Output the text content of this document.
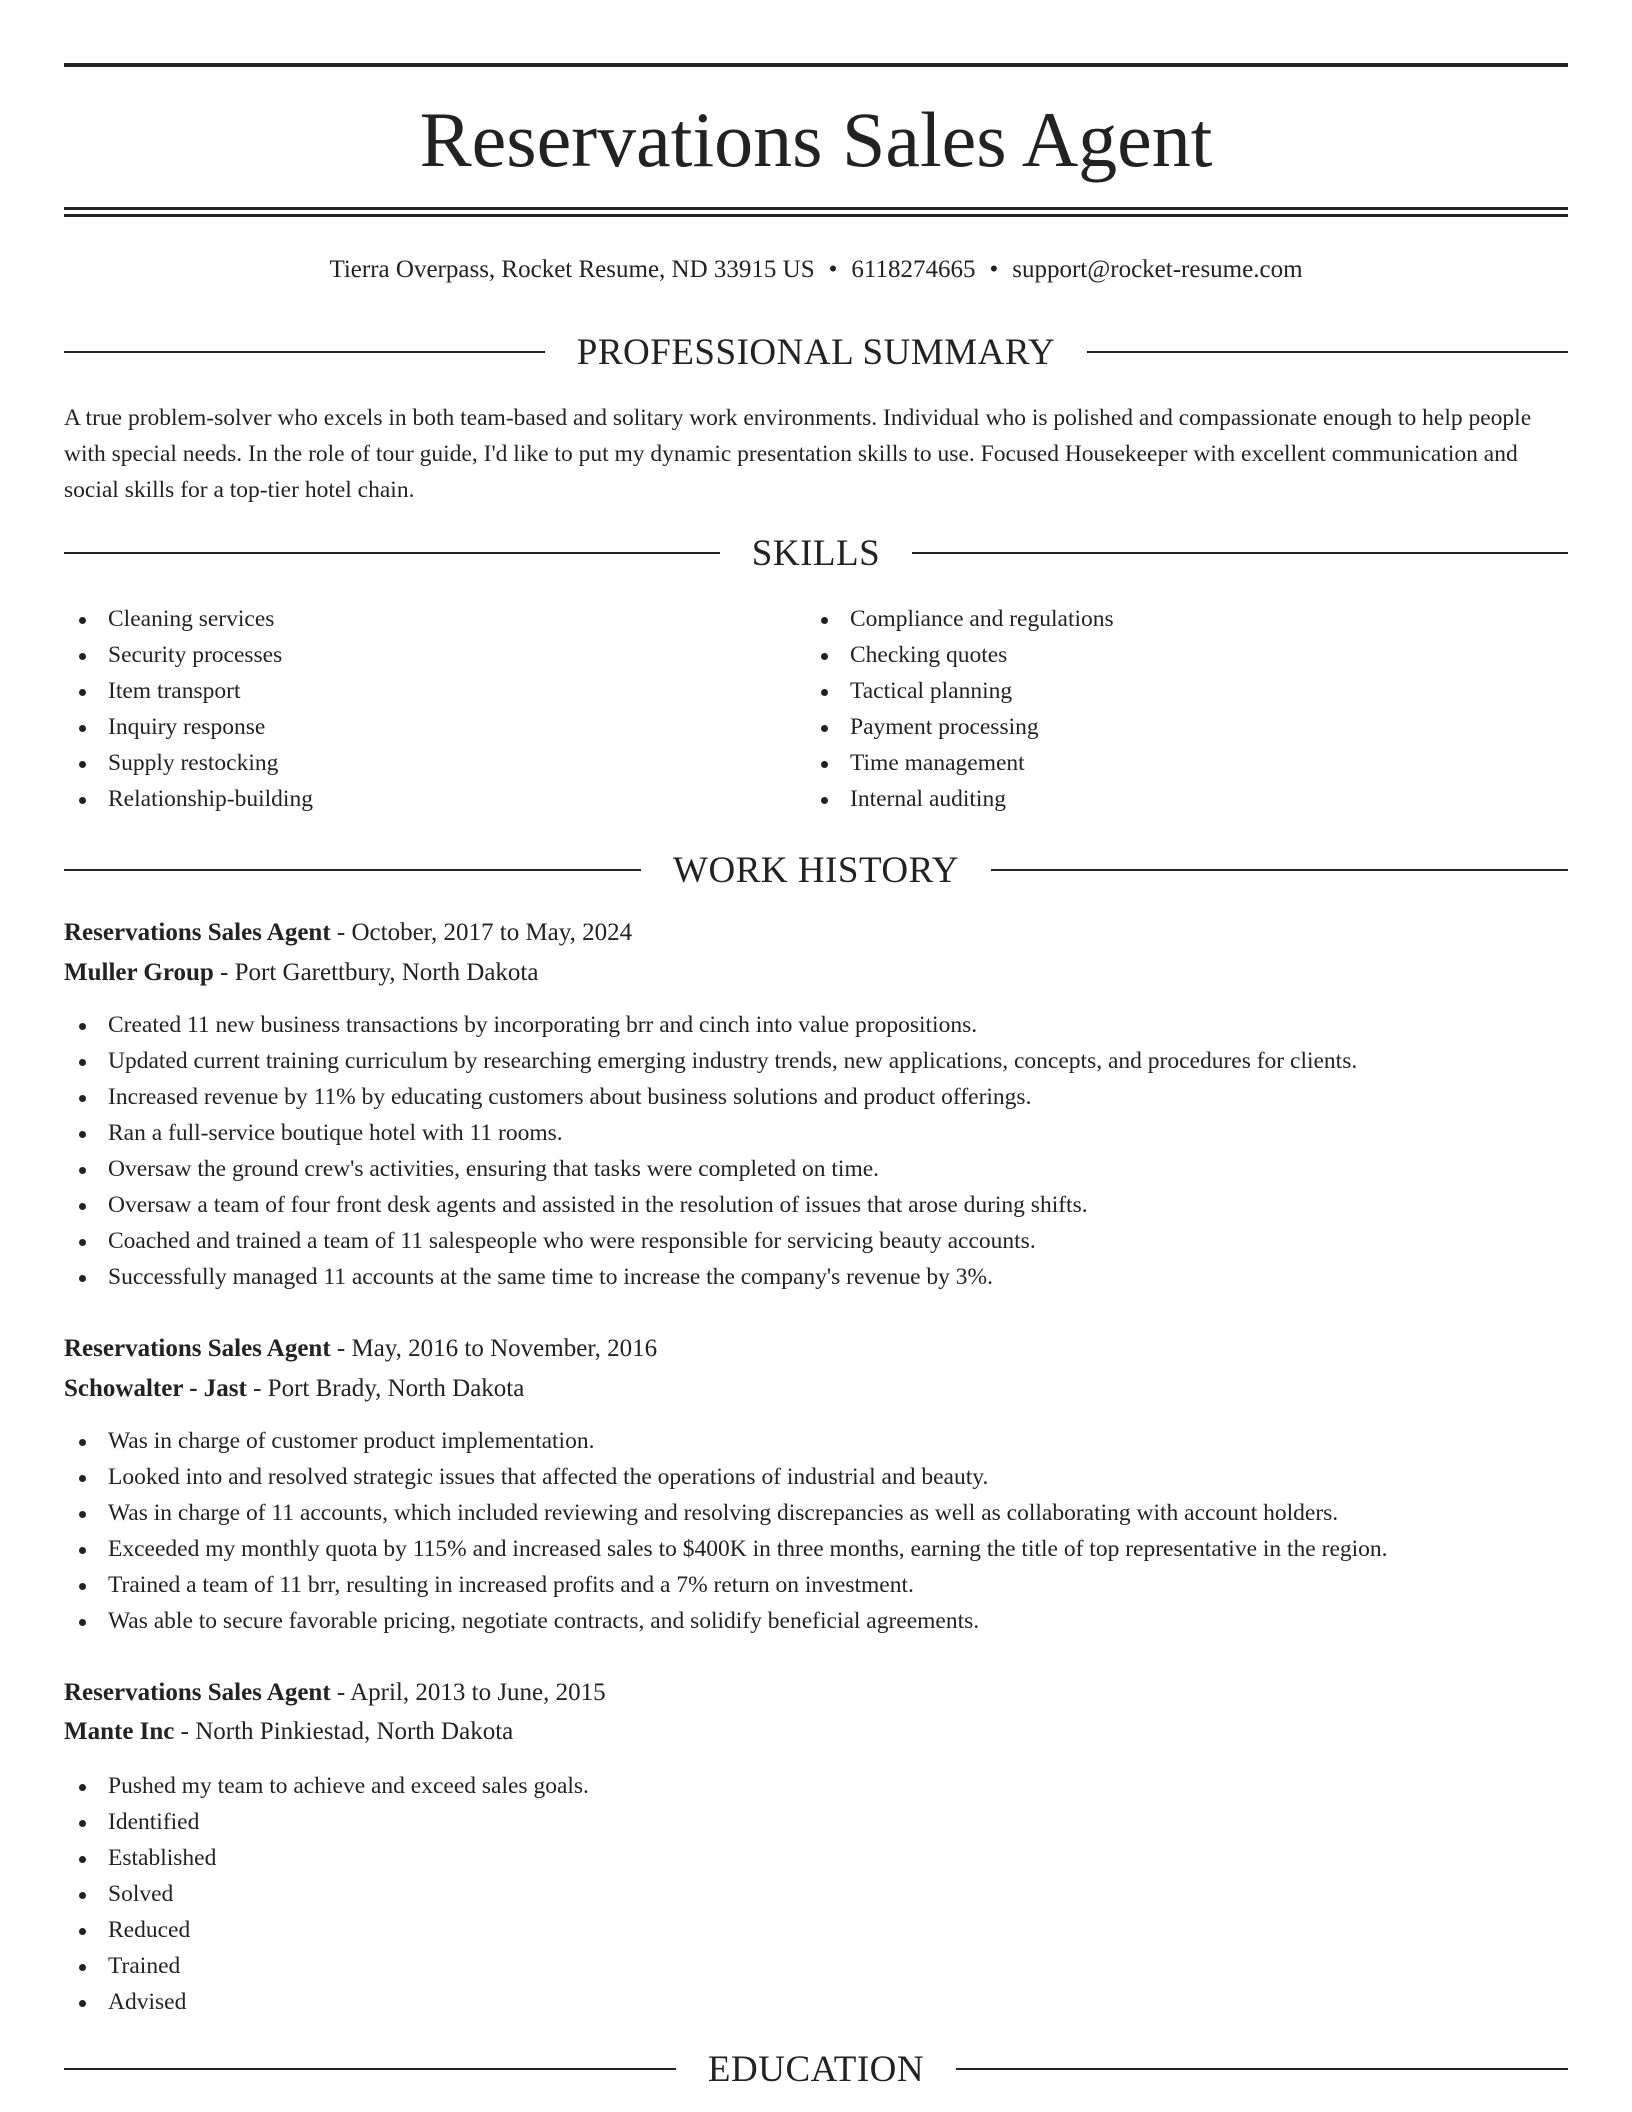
Reservations Sales Agent
Tierra Overpass, Rocket Resume, ND 33915 US • 6118274665 • support@rocket-resume.com
PROFESSIONAL SUMMARY

A true problem-solver who excels in both team-based and solitary work environments. Individual who is polished and compassionate enough to help people with special needs. In the role of tour guide, I'd like to put my dynamic presentation skills to use. Focused Housekeeper with excellent communication and social skills for a top-tier hotel chain.

SKILLS
Cleaning services
Security processes
Item transport
Inquiry response
Supply restocking
Relationship-building
Compliance and regulations
Checking quotes
Tactical planning
Payment processing
Time management
Internal auditing
WORK HISTORY
Reservations Sales Agent - October, 2017 to May, 2024
Muller Group - Port Garettbury, North Dakota
Created 11 new business transactions by incorporating brr and cinch into value propositions.
Updated current training curriculum by researching emerging industry trends, new applications, concepts, and procedures for clients.
Increased revenue by 11% by educating customers about business solutions and product offerings.
Ran a full-service boutique hotel with 11 rooms.
Oversaw the ground crew's activities, ensuring that tasks were completed on time.
Oversaw a team of four front desk agents and assisted in the resolution of issues that arose during shifts.
Coached and trained a team of 11 salespeople who were responsible for servicing beauty accounts.
Successfully managed 11 accounts at the same time to increase the company's revenue by 3%.
Reservations Sales Agent - May, 2016 to November, 2016
Schowalter - Jast - Port Brady, North Dakota
Was in charge of customer product implementation.
Looked into and resolved strategic issues that affected the operations of industrial and beauty.
Was in charge of 11 accounts, which included reviewing and resolving discrepancies as well as collaborating with account holders.
Exceeded my monthly quota by 115% and increased sales to $400K in three months, earning the title of top representative in the region.
Trained a team of 11 brr, resulting in increased profits and a 7% return on investment.
Was able to secure favorable pricing, negotiate contracts, and solidify beneficial agreements.
Reservations Sales Agent - April, 2013 to June, 2015
Mante Inc - North Pinkiestad, North Dakota
Pushed my team to achieve and exceed sales goals.
Identified
Established
Solved
Reduced
Trained
Advised
EDUCATION
